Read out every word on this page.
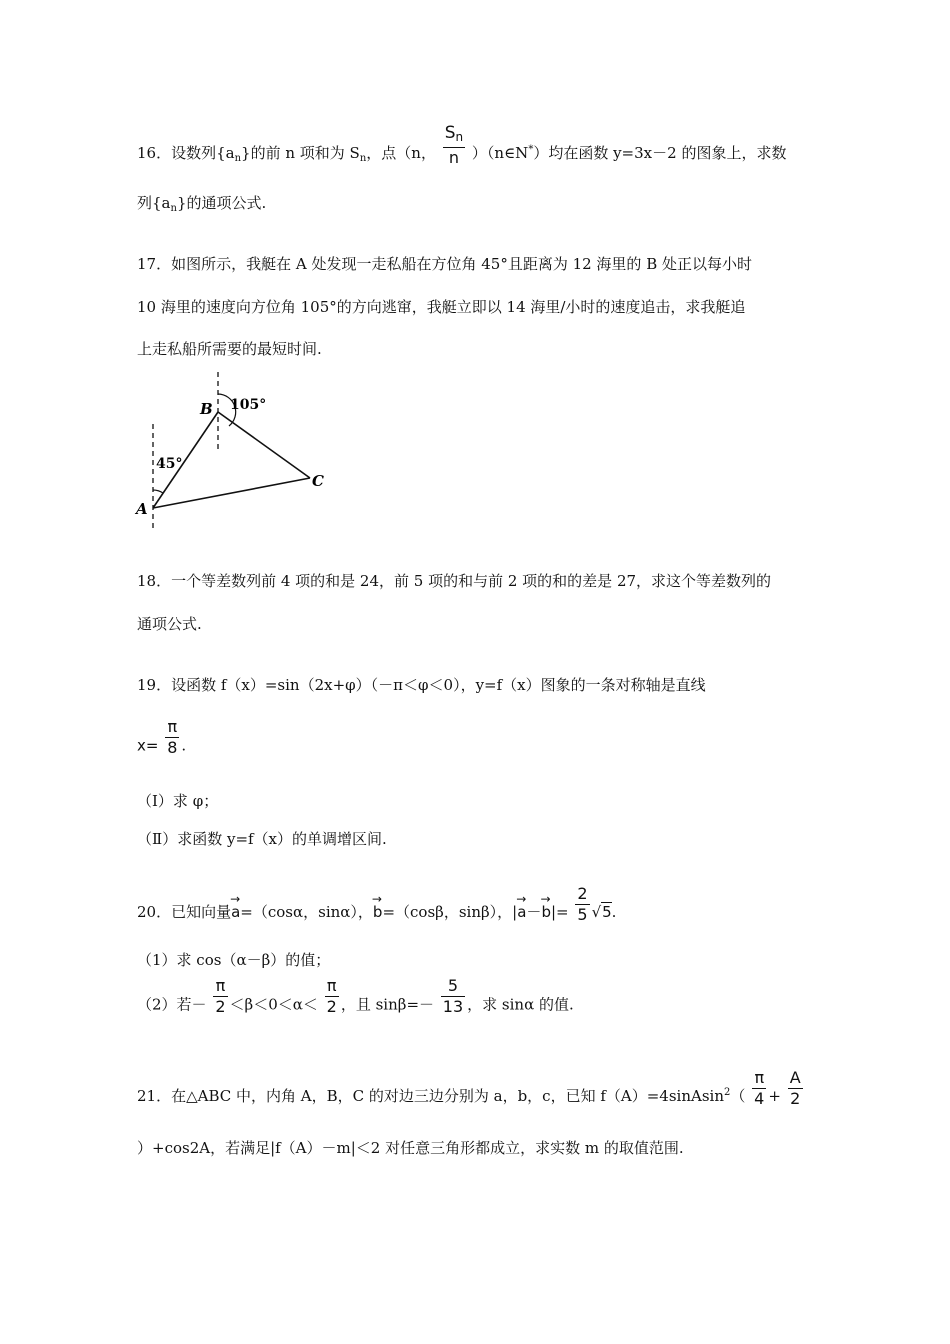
16．设数列$\{a_n\}$的前 n 项和为 $S_n$，点（n， $\frac{S_n}{n}$ ）（n∈N*）均在函数 y=3x－2 的图象上，求数
列$\{a_n\}$的通项公式.
17．如图所示，我艇在 A 处发现一走私船在方位角 45°且距离为 12 海里的 B 处正以每小时
10 海里的速度向方位角 105°的方向逃窜，我艇立即以 14 海里/小时的速度追击，求我艇追
上走私船所需要的最短时间.
45°
105°
B
A
C
18．一个等差数列前 4 项的和是 24，前 5 项的和与前 2 项的和的差是 27，求这个等差数列的
通项公式.
19．设函数 f（x）=sin（2x+φ）（－π＜φ＜0），y=f（x）图象的一条对称轴是直线
$x= \frac{\pi}{8}$ .
（Ⅰ）求 φ；
（Ⅱ）求函数 y=f（x）的单调增区间.
20．已知向量→ a=（cosα，sinα），→ b=（cosβ，sinβ），|→ $a-\to b|= \frac{2}{5} √5$.
（1）求 cos（α－β）的值；
（2）若－ $\frac{\pi}{2} <\beta<0<\alpha< \frac{\pi}{2}$ ，且 $\sin\beta=- \frac{5}{13}$ ，求 sinα 的值.
21．在△ABC 中，内角 A，B，C 的对边三边分别为 a，b，c，已知 f（A）=4sinAsin$^2$（ $\frac{\pi}{4} + \frac{A}{2}$
）+cos2A，若满足|f（A）－m|＜2 对任意三角形都成立，求实数 m 的取值范围.
